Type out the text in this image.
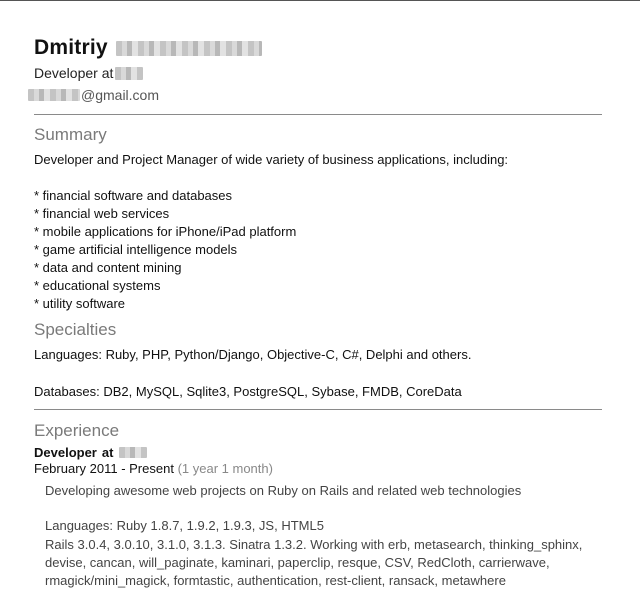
Dmitriy
Developer at
@gmail.com
Summary
Developer and Project Manager of wide variety of business applications, including:
* financial software and databases
* financial web services
* mobile applications for iPhone/iPad platform
* game artificial intelligence models
* data and content mining
* educational systems
* utility software
Specialties
Languages: Ruby, PHP, Python/Django, Objective-C, C#, Delphi and others.
Databases: DB2, MySQL, Sqlite3, PostgreSQL, Sybase, FMDB, CoreData
Experience
Developer at
February 2011 - Present (1 year 1 month)
Developing awesome web projects on Ruby on Rails and related web technologies
Languages: Ruby 1.8.7, 1.9.2, 1.9.3, JS, HTML5
Rails 3.0.4, 3.0.10, 3.1.0, 3.1.3. Sinatra 1.3.2. Working with erb, metasearch, thinking_sphinx,
devise, cancan, will_paginate, kaminari, paperclip, resque, CSV, RedCloth, carrierwave,
rmagick/mini_magick, formtastic, authentication, rest-client, ransack, metawhere
